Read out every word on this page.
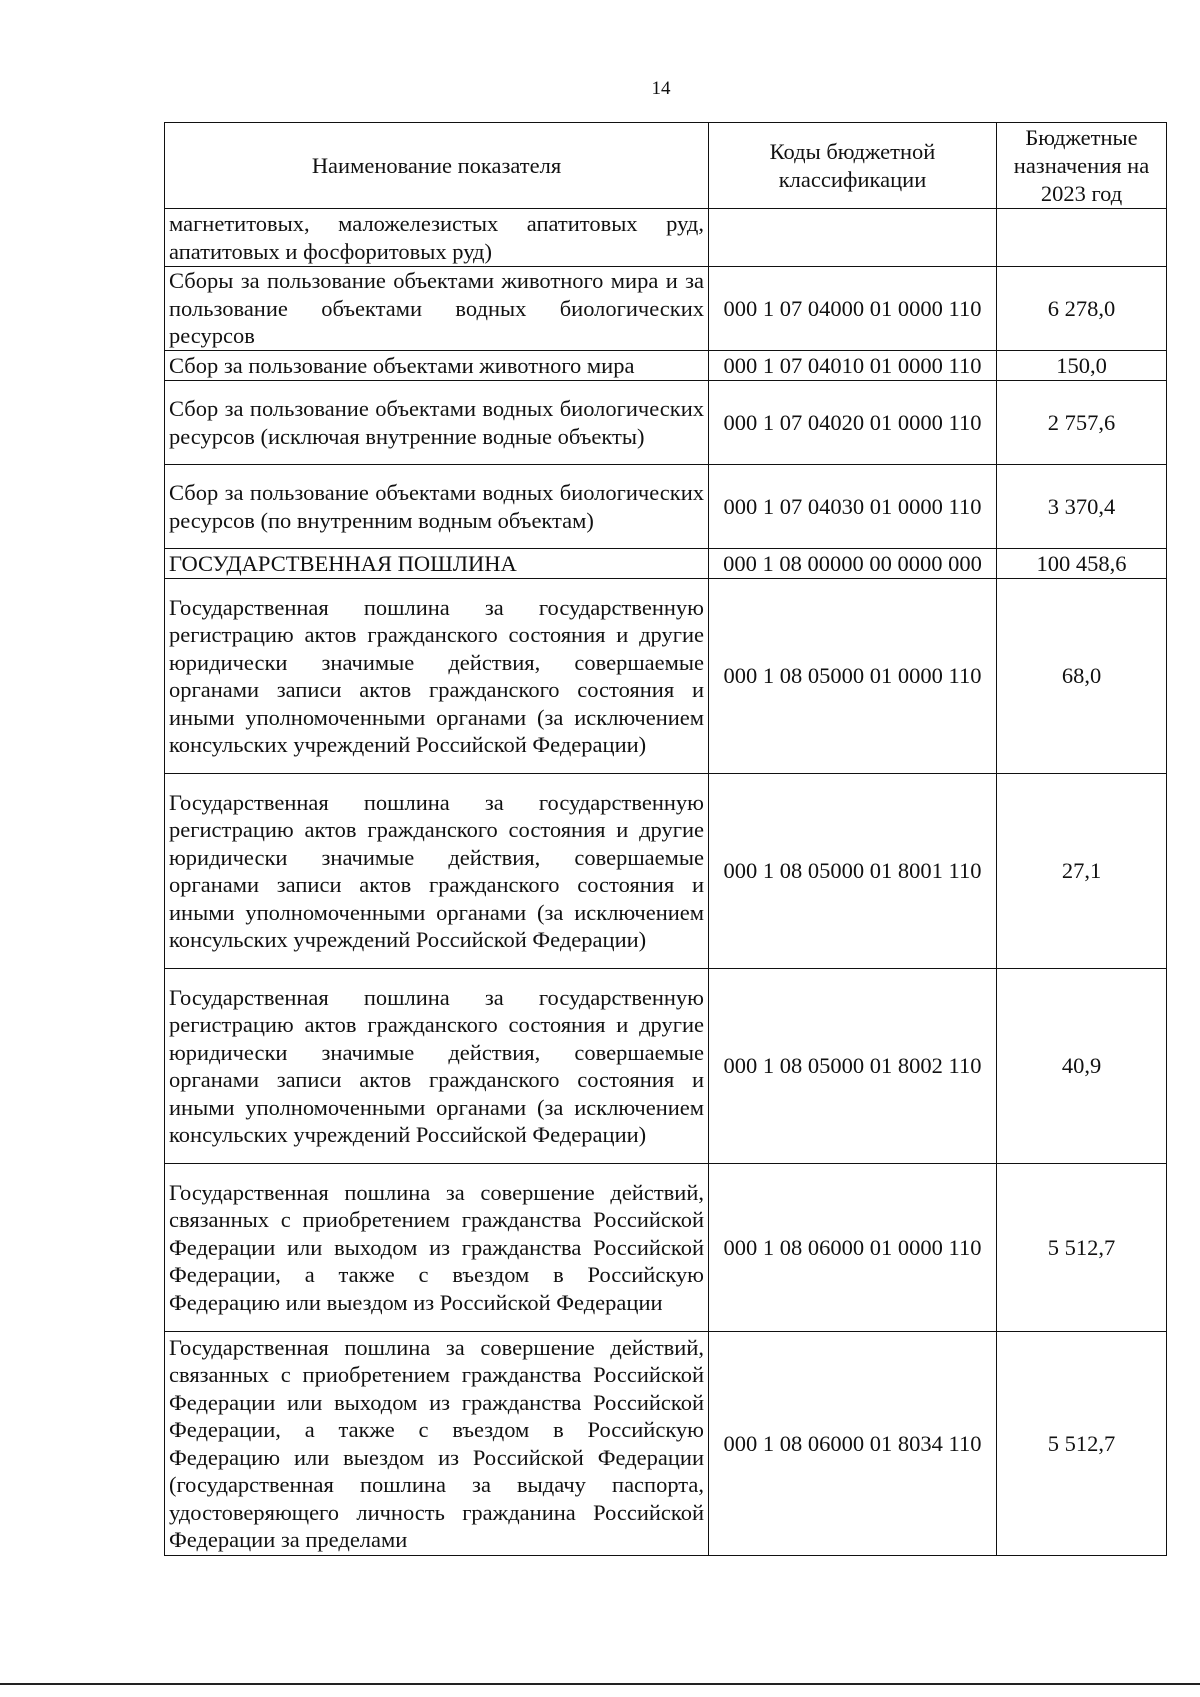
14
Наименование показателя	Коды бюджетной классификации	Бюджетные назначения на 2023 год
магнетитовых, маложелезистых апатитовых руд, апатитовых и фосфоритовых руд)		
Сборы за пользование объектами животного мира и за пользование объектами водных биологических ресурсов	000 1 07 04000 01 0000 110	6 278,0
Сбор за пользование объектами животного мира	000 1 07 04010 01 0000 110	150,0
Сбор за пользование объектами водных биологических ресурсов (исключая внутренние водные объекты)	000 1 07 04020 01 0000 110	2 757,6
Сбор за пользование объектами водных биологических ресурсов (по внутренним водным объектам)	000 1 07 04030 01 0000 110	3 370,4
ГОСУДАРСТВЕННАЯ ПОШЛИНА	000 1 08 00000 00 0000 000	100 458,6
Государственная пошлина за государственную регистрацию актов гражданского состояния и другие юридически значимые действия, совершаемые органами записи актов гражданского состояния и иными уполномоченными органами (за исключением консульских учреждений Российской Федерации)	000 1 08 05000 01 0000 110	68,0
Государственная пошлина за государственную регистрацию актов гражданского состояния и другие юридически значимые действия, совершаемые органами записи актов гражданского состояния и иными уполномоченными органами (за исключением консульских учреждений Российской Федерации)	000 1 08 05000 01 8001 110	27,1
Государственная пошлина за государственную регистрацию актов гражданского состояния и другие юридически значимые действия, совершаемые органами записи актов гражданского состояния и иными уполномоченными органами (за исключением консульских учреждений Российской Федерации)	000 1 08 05000 01 8002 110	40,9
Государственная пошлина за совершение действий, связанных с приобретением гражданства Российской Федерации или выходом из гражданства Российской Федерации, а также с въездом в Российскую Федерацию или выездом из Российской Федерации	000 1 08 06000 01 0000 110	5 512,7
Государственная пошлина за совершение действий, связанных с приобретением гражданства Российской Федерации или выходом из гражданства Российской Федерации, а также с въездом в Российскую Федерацию или выездом из Российской Федерации (государственная пошлина за выдачу паспорта, удостоверяющего личность гражданина Российской Федерации за пределами	000 1 08 06000 01 8034 110	5 512,7
